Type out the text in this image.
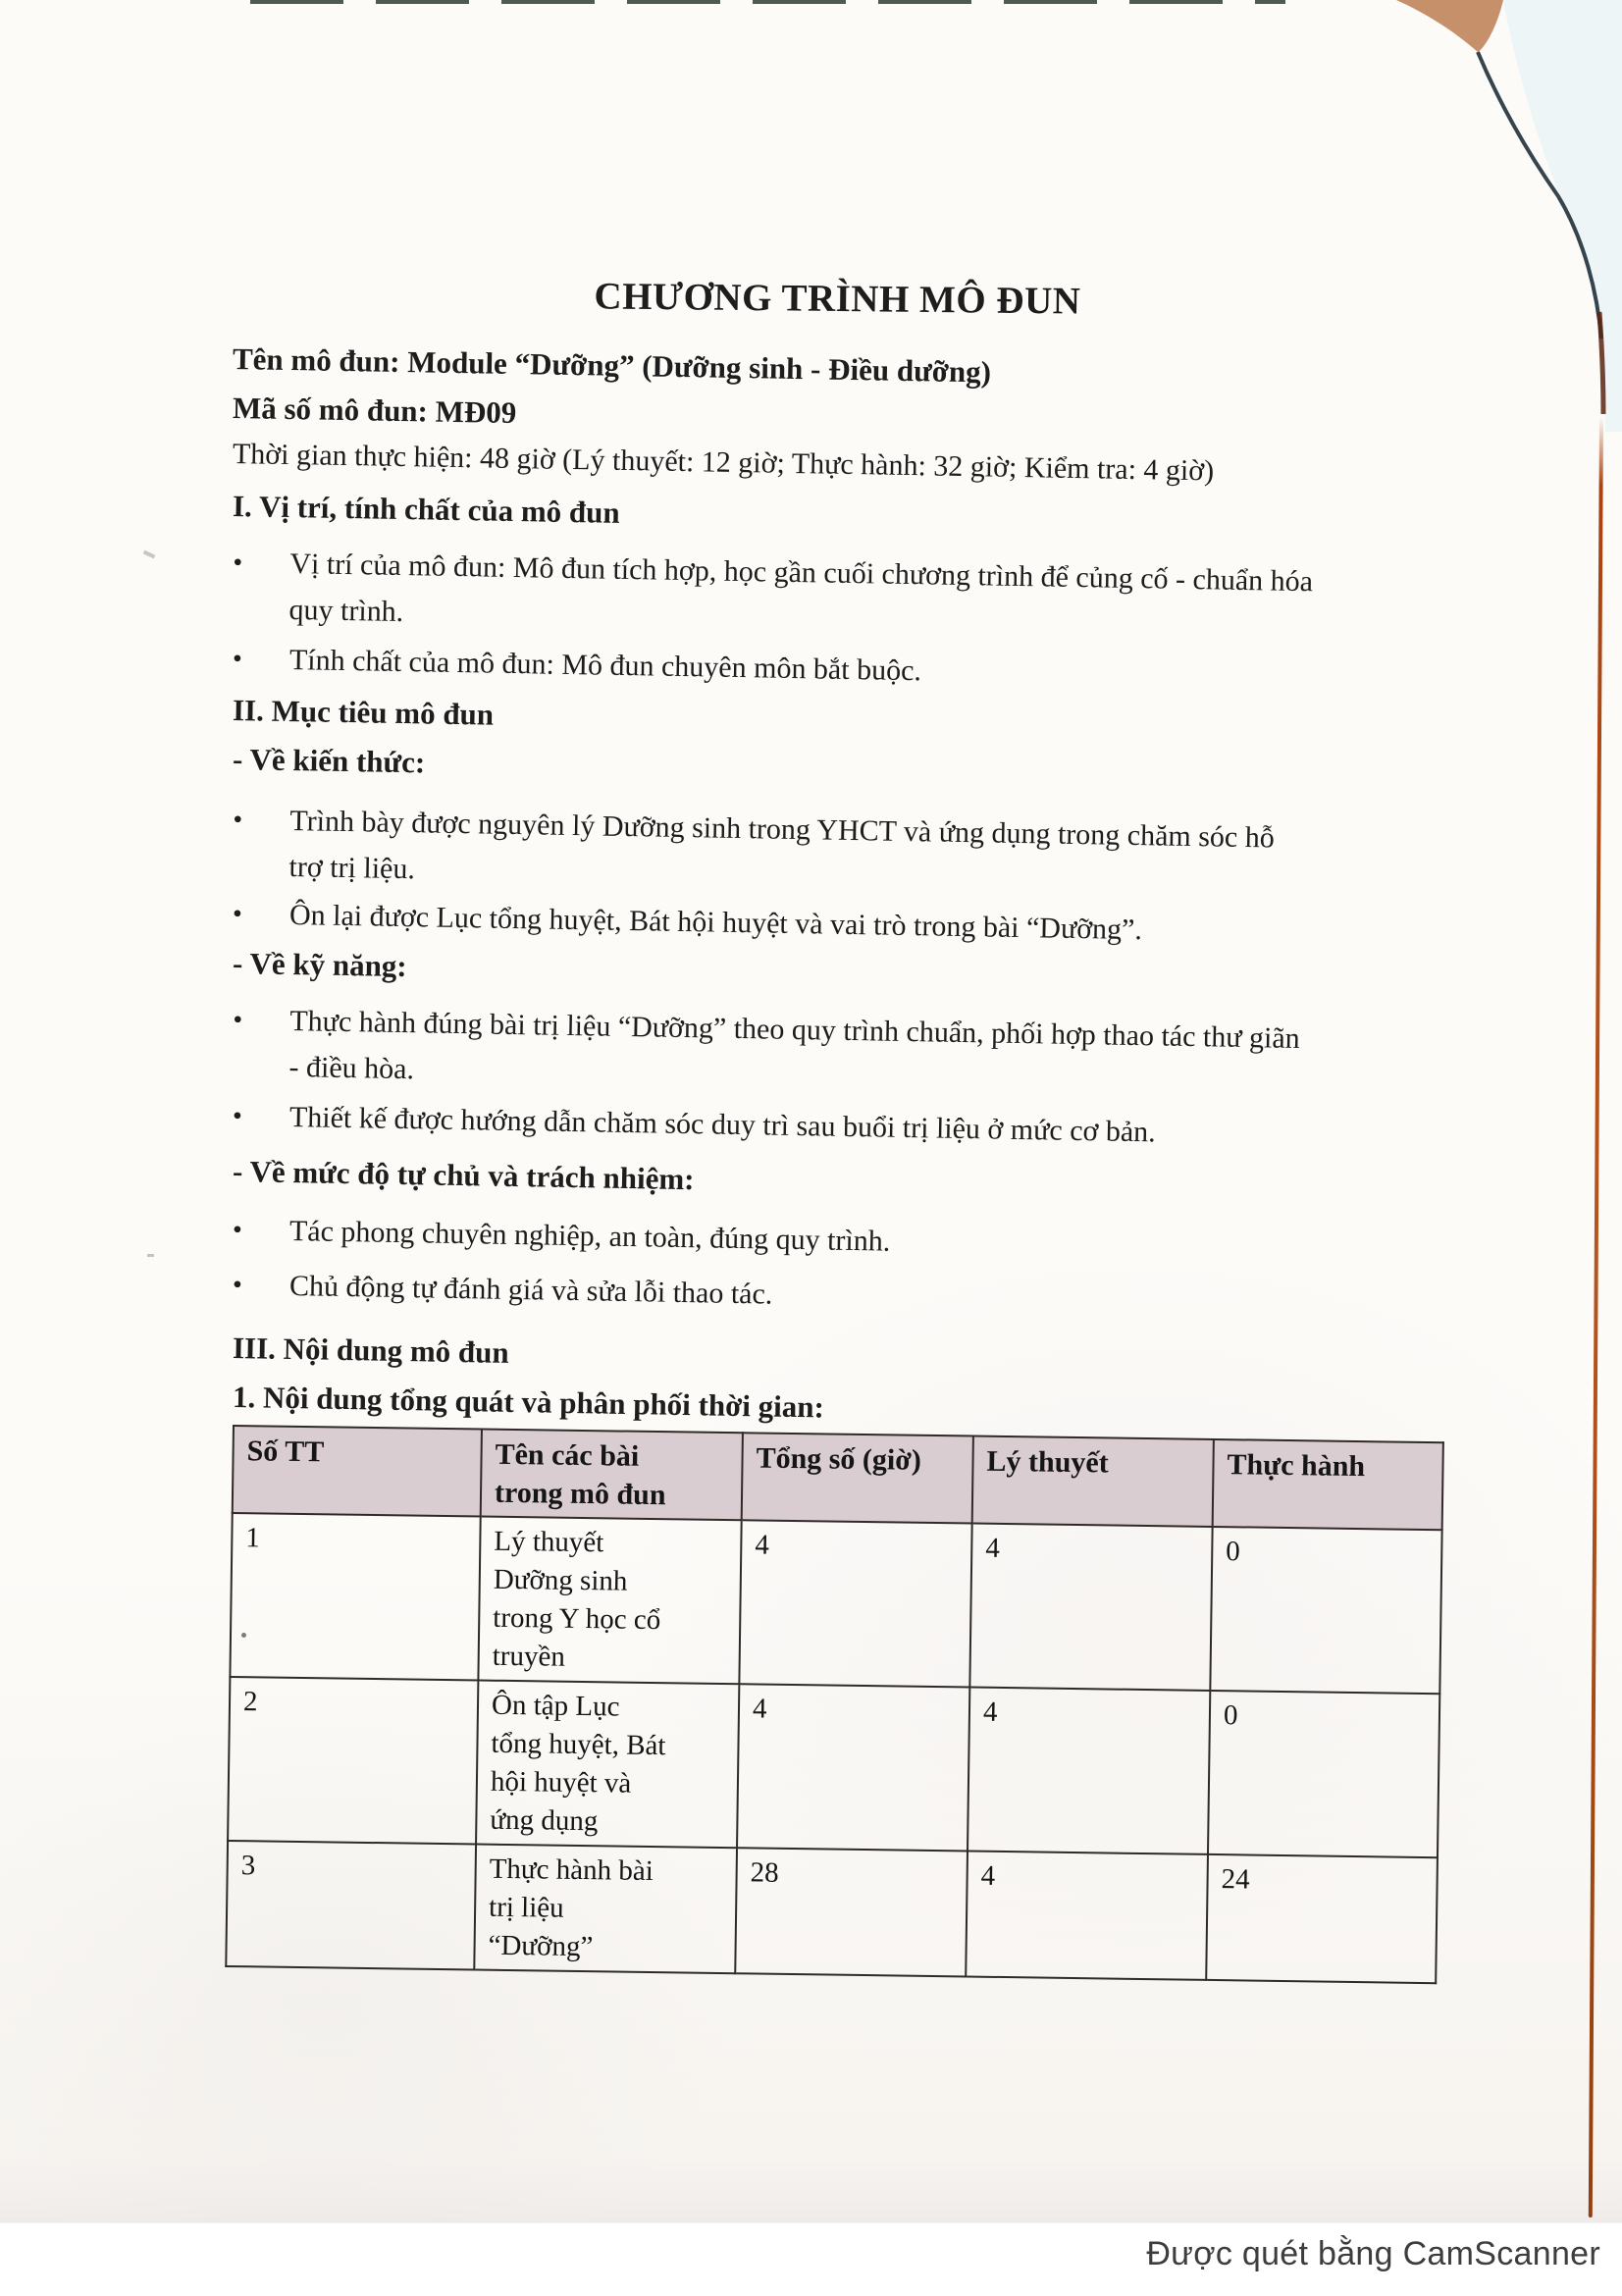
CHƯƠNG TRÌNH MÔ ĐUN
Tên mô đun: Module “Dưỡng” (Dưỡng sinh - Điều dưỡng)
Mã số mô đun: MĐ09
Thời gian thực hiện: 48 giờ (Lý thuyết: 12 giờ; Thực hành: 32 giờ; Kiểm tra: 4 giờ)
I. Vị trí, tính chất của mô đun
•	Vị trí của mô đun: Mô đun tích hợp, học gần cuối chương trình để củng cố - chuẩn hóa
quy trình.
•	Tính chất của mô đun: Mô đun chuyên môn bắt buộc.
II. Mục tiêu mô đun
- Về kiến thức:
•	Trình bày được nguyên lý Dưỡng sinh trong YHCT và ứng dụng trong chăm sóc hỗ
trợ trị liệu.
•	Ôn lại được Lục tổng huyệt, Bát hội huyệt và vai trò trong bài “Dưỡng”.
- Về kỹ năng:
•	Thực hành đúng bài trị liệu “Dưỡng” theo quy trình chuẩn, phối hợp thao tác thư giãn
- điều hòa.
•	Thiết kế được hướng dẫn chăm sóc duy trì sau buổi trị liệu ở mức cơ bản.
- Về mức độ tự chủ và trách nhiệm:
•	Tác phong chuyên nghiệp, an toàn, đúng quy trình.
•	Chủ động tự đánh giá và sửa lỗi thao tác.
III. Nội dung mô đun
1. Nội dung tổng quát và phân phối thời gian:
Số TT	Tên các bài
trong mô đun	Tổng số (giờ)	Lý thuyết	Thực hành
1	Lý thuyết
Dưỡng sinh
trong Y học cổ
truyền	4	4	0
2	Ôn tập Lục
tổng huyệt, Bát
hội huyệt và
ứng dụng	4	4	0
3	Thực hành bài
trị liệu
“Dưỡng”	28	4	24
Được quét bằng CamScanner
